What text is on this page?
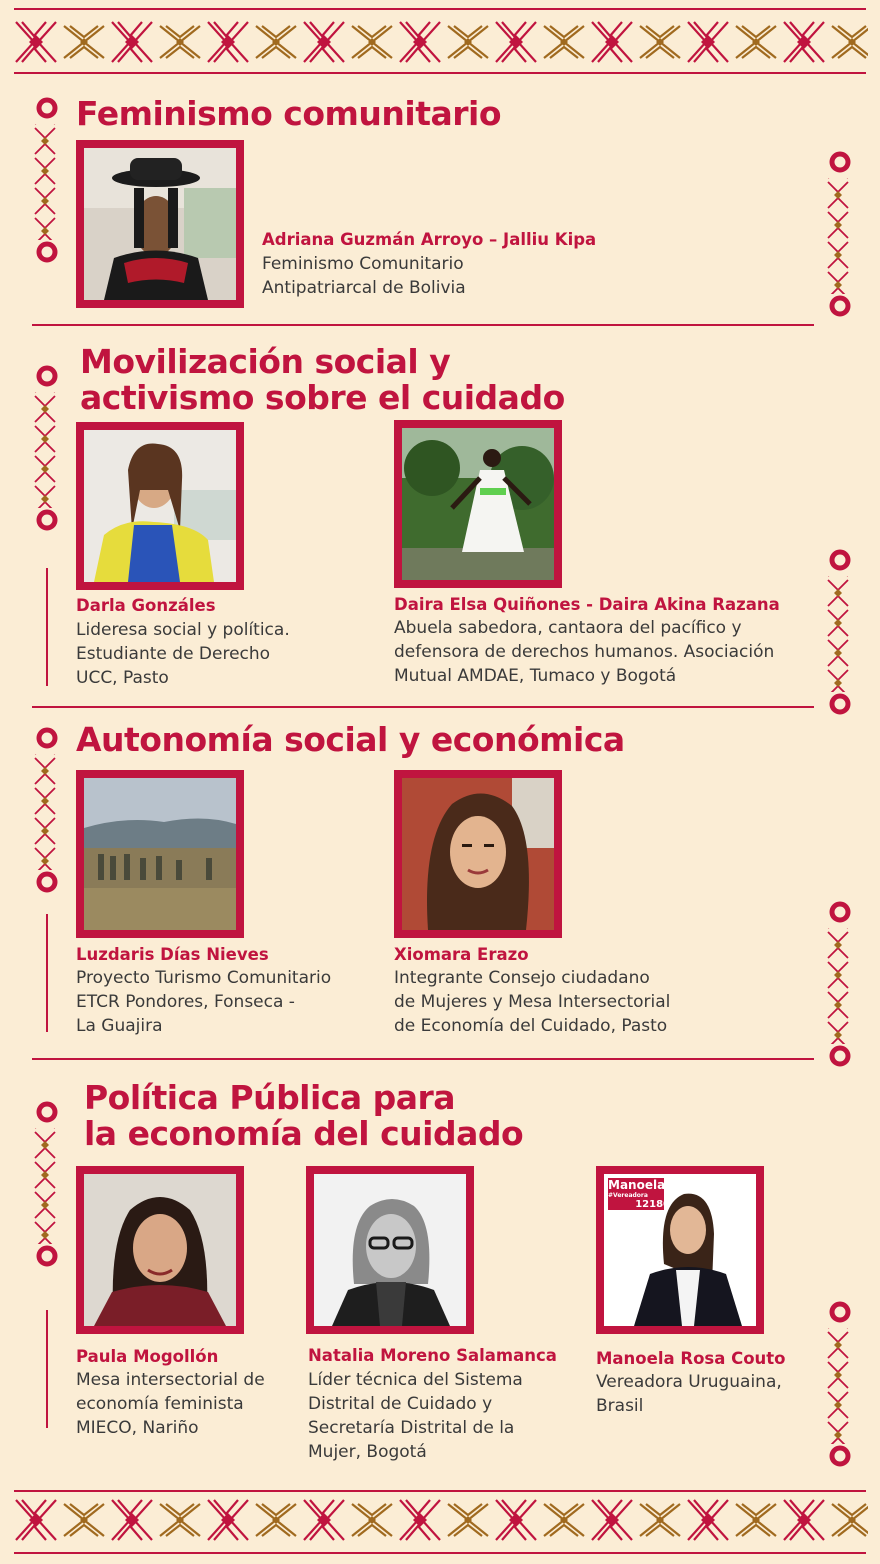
Feminismo comunitario
Adriana Guzmán Arroyo – Jalliu Kipa
Feminismo Comunitario
Antipatriarcal de Bolivia
Movilización social y
activismo sobre el cuidado
Darla Gonzáles
Lideresa social y política.
Estudiante de Derecho
UCC, Pasto
Daira Elsa Quiñones - Daira Akina Razana
Abuela sabedora, cantaora del pacífico y
defensora de derechos humanos. Asociación
Mutual AMDAE, Tumaco y Bogotá
Autonomía social y económica
Luzdaris Días Nieves
Proyecto Turismo Comunitario
ETCR Pondores, Fonseca -
La Guajira
Xiomara Erazo
Integrante Consejo ciudadano
de Mujeres y Mesa Intersectorial
de Economía del Cuidado, Pasto
Política Pública para
la economía del cuidado
Manoela
#Vereadora
12180
Paula Mogollón
Mesa intersectorial de
economía feminista
MIECO, Nariño
Natalia Moreno Salamanca
Líder técnica del Sistema
Distrital de Cuidado y
Secretaría Distrital de la
Mujer, Bogotá
Manoela Rosa Couto
Vereadora Uruguaina,
Brasil
